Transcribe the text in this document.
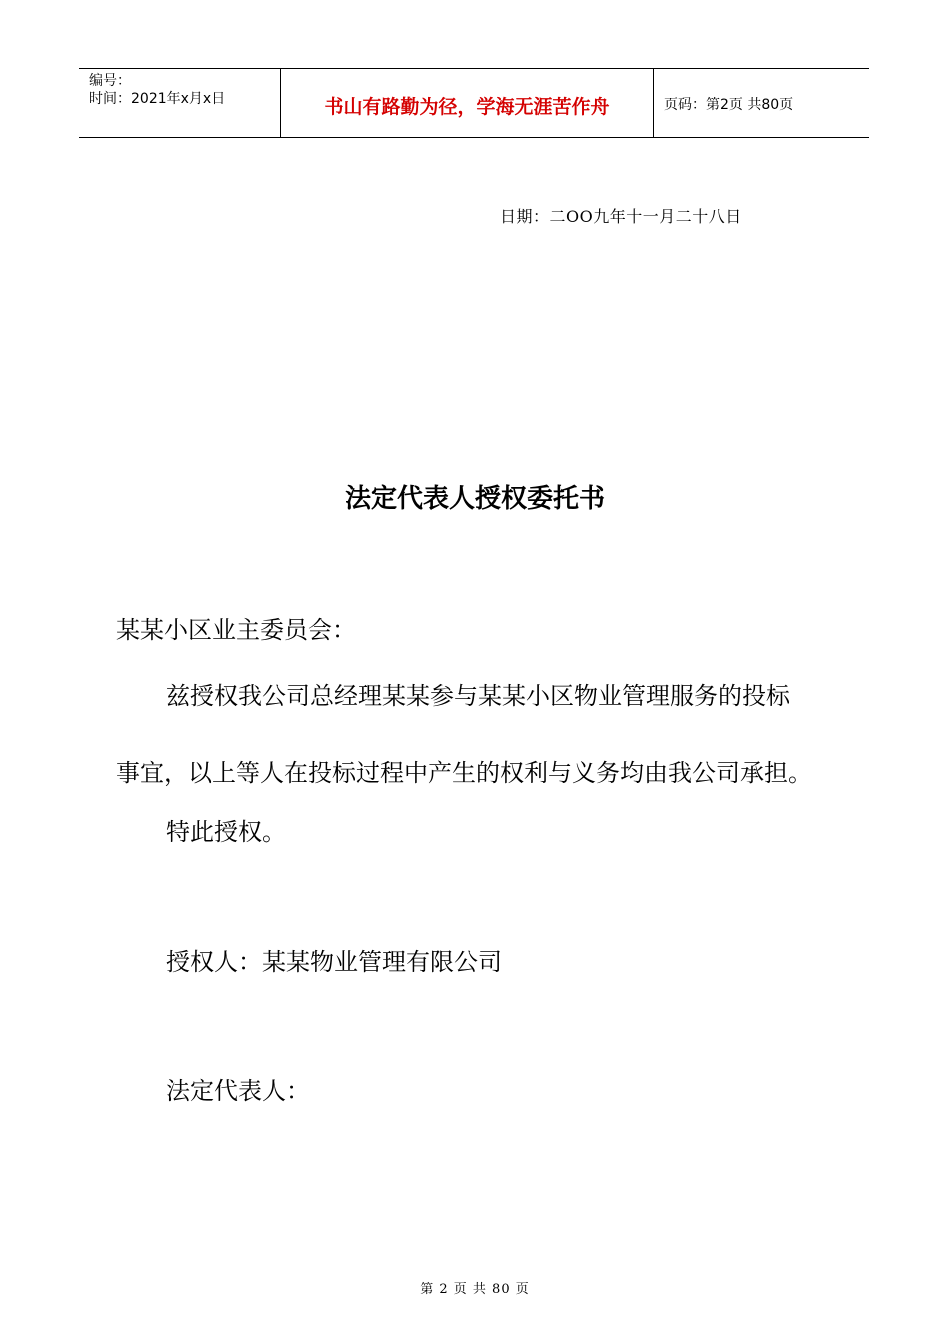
编号：
时间：2021年x月x日	书山有路勤为径，学海无涯苦作舟	页码：第2页 共80页
日期：二OO九年十一月二十八日
法定代表人授权委托书
某某小区业主委员会：
兹授权我公司总经理某某参与某某小区物业管理服务的投标
事宜，以上等人在投标过程中产生的权利与义务均由我公司承担。
特此授权。
授权人：某某物业管理有限公司
法定代表人：
第 2 页 共 80 页
